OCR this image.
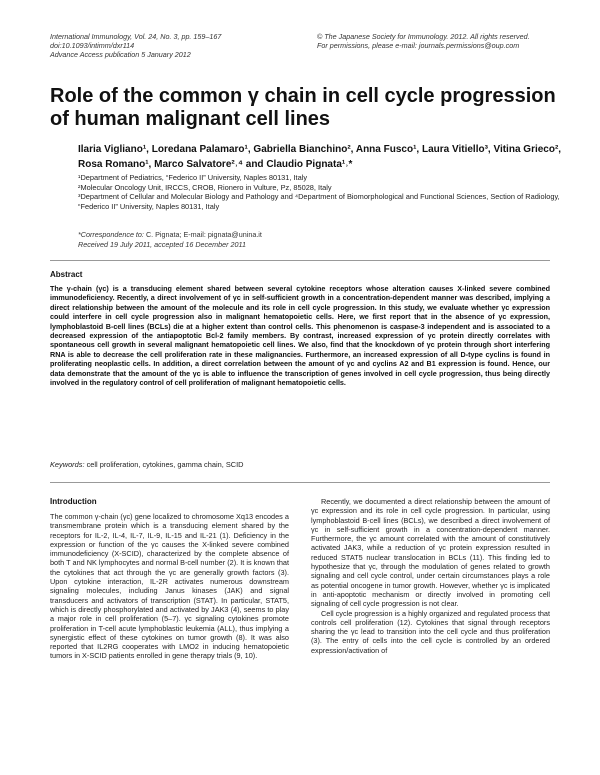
International Immunology, Vol. 24, No. 3, pp. 159–167
doi:10.1093/intimm/dxr114
Advance Access publication 5 January 2012
© The Japanese Society for Immunology. 2012. All rights reserved.
For permissions, please e-mail: journals.permissions@oup.com
Role of the common γ chain in cell cycle progression of human malignant cell lines
Ilaria Vigliano¹, Loredana Palamaro¹, Gabriella Bianchino², Anna Fusco¹, Laura Vitiello³, Vitina Grieco², Rosa Romano¹, Marco Salvatore²˒⁴ and Claudio Pignata¹˒*
¹Department of Pediatrics, “Federico II” University, Naples 80131, Italy
²Molecular Oncology Unit, IRCCS, CROB, Rionero in Vulture, Pz, 85028, Italy
³Department of Cellular and Molecular Biology and Pathology and ⁴Department of Biomorphological and Functional Sciences, Section of Radiology, “Federico II” University, Naples 80131, Italy
*Correspondence to: C. Pignata; E-mail: pignata@unina.it
Received 19 July 2011, accepted 16 December 2011
Abstract
The γ-chain (γc) is a transducing element shared between several cytokine receptors whose alteration causes X-linked severe combined immunodeficiency. Recently, a direct involvement of γc in self-sufficient growth in a concentration-dependent manner was described, implying a direct relationship between the amount of the molecule and its role in cell cycle progression. In this study, we evaluate whether γc expression could interfere in cell cycle progression also in malignant hematopoietic cells. Here, we first report that in the absence of γc expression, lymphoblastoid B-cell lines (BCLs) die at a higher extent than control cells. This phenomenon is caspase-3 independent and is associated to a decreased expression of the antiapoptotic Bcl-2 family members. By contrast, increased expression of γc protein directly correlates with spontaneous cell growth in several malignant hematopoietic cell lines. We also, find that the knockdown of γc protein through short interfering RNA is able to decrease the cell proliferation rate in these malignancies. Furthermore, an increased expression of all D-type cyclins is found in proliferating neoplastic cells. In addition, a direct correlation between the amount of γc and cyclins A2 and B1 expression is found. Hence, our data demonstrate that the amount of the γc is able to influence the transcription of genes involved in cell cycle progression, thus being directly involved in the regulatory control of cell proliferation of malignant hematopoietic cells.
Keywords: cell proliferation, cytokines, gamma chain, SCID
Introduction

The common γ-chain (γc) gene localized to chromosome Xq13 encodes a transmembrane protein which is a transducing element shared by the receptors for IL-2, IL-4, IL-7, IL-9, IL-15 and IL-21 (1). Deficiency in the expression or function of the γc causes the X-linked severe combined immunodeficiency (X-SCID), characterized by the complete absence of both T and NK lymphocytes and normal B-cell number (2). It is known that the cytokines that act through the γc are generally growth factors (3). Upon cytokine interaction, IL-2R activates numerous downstream signaling molecules, including Janus kinases (JAK) and signal transducers and activators of transcription (STAT). In particular, STAT5, which is directly phosphorylated and activated by JAK3 (4), seems to play a major role in cell proliferation (5–7). γc signaling cytokines promote proliferation in T-cell acute lymphoblastic leukemia (ALL), thus implying a synergistic effect of these cytokines on tumor growth (8). It was also reported that IL2RG cooperates with LMO2 in inducing hematopoietic tumors in X-SCID patients enrolled in gene therapy trials (9, 10).

Recently, we documented a direct relationship between the amount of γc expression and its role in cell cycle progression. In particular, using lymphoblastoid B-cell lines (BCLs), we described a direct involvement of γc in self-sufficient growth in a concentration-dependent manner. Furthermore, the γc amount correlated with the amount of constitutively activated JAK3, while a reduction of γc protein expression resulted in reduced STAT5 nuclear translocation in BCLs (11). This finding led to hypothesize that γc, through the modulation of genes related to growth signaling and cell cycle control, under certain circumstances plays a role as potential oncogene in tumor growth. However, whether γc is implicated in anti-apoptotic mechanism or directly involved in promoting cell signaling of cell cycle progression is not clear.

Cell cycle progression is a highly organized and regulated process that controls cell proliferation (12). Cytokines that signal through receptors sharing the γc lead to transition into the cell cycle and thus proliferation (3). The entry of cells into the cell cycle is controlled by an ordered expression/activation of
